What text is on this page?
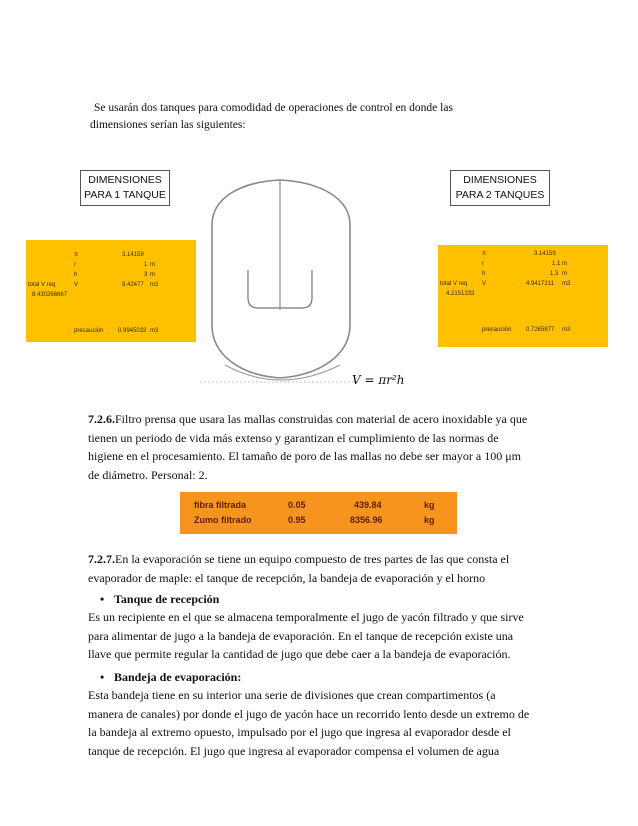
Se usarán dos tanques para comodidad de operaciones de control en donde las
dimensiones serían las siguientes:
DIMENSIONES
PARA 1 TANQUE
DIMENSIONES
PARA 2 TANQUES
π	3.14159
r	1 m
h	3 m
total V req	V	9.42477 m3
8.430266667
precaución 0.9945033 m3
π	3.14159
r	1.1 m
h	1.3 m
total V req V	4.9417211 m3
4.2151333
precaución 0.7265877 m3
V = πr²h
7.2.6.Filtro prensa que usara las mallas construidas con material de acero inoxidable ya que
tienen un periodo de vida más extenso y garantizan el cumplimiento de las normas de
higiene en el procesamiento. El tamaño de poro de las mallas no debe ser mayor a 100 μm
de diámetro. Personal: 2.
fibra filtrada	0.05	439.84	kg
Zumo filtrado	0.95	8356.96	kg
7.2.7.En la evaporación se tiene un equipo compuesto de tres partes de las que consta el
evaporador de maple: el tanque de recepción, la bandeja de evaporación y el horno
• Tanque de recepción
Es un recipiente en el que se almacena temporalmente el jugo de yacón filtrado y que sirve
para alimentar de jugo a la bandeja de evaporación. En el tanque de recepción existe una
llave que permite regular la cantidad de jugo que debe caer a la bandeja de evaporación.
• Bandeja de evaporación:
Esta bandeja tiene en su interior una serie de divisiones que crean compartimentos (a
manera de canales) por donde el jugo de yacón hace un recorrido lento desde un extremo de
la bandeja al extremo opuesto, impulsado por el jugo que ingresa al evaporador desde el
tanque de recepción. El jugo que ingresa al evaporador compensa el volumen de agua
